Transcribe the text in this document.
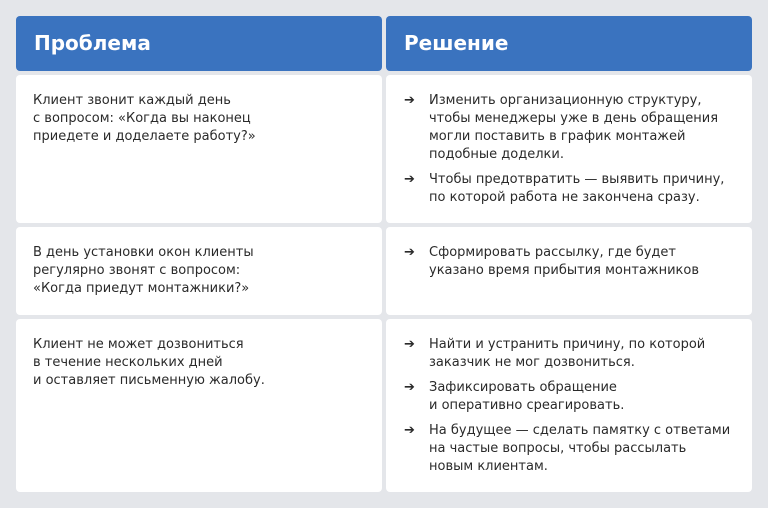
Проблема	Решение
Клиент звонит каждый день
с вопросом: «Когда вы наконец
приедете и доделаете работу?»
➔	Изменить организационную структуру,
чтобы менеджеры уже в день обращения
могли поставить в график монтажей
подобные доделки.
➔	Чтобы предотвратить — выявить причину,
по которой работа не закончена сразу.
В день установки окон клиенты
регулярно звонят с вопросом:
«Когда приедут монтажники?»
➔	Сформировать рассылку, где будет
указано время прибытия монтажников
Клиент не может дозвониться
в течение нескольких дней
и оставляет письменную жалобу.
➔	Найти и устранить причину, по которой
заказчик не мог дозвониться.
➔	Зафиксировать обращение
и оперативно среагировать.
➔	На будущее — сделать памятку с ответами
на частые вопросы, чтобы рассылать
новым клиентам.
